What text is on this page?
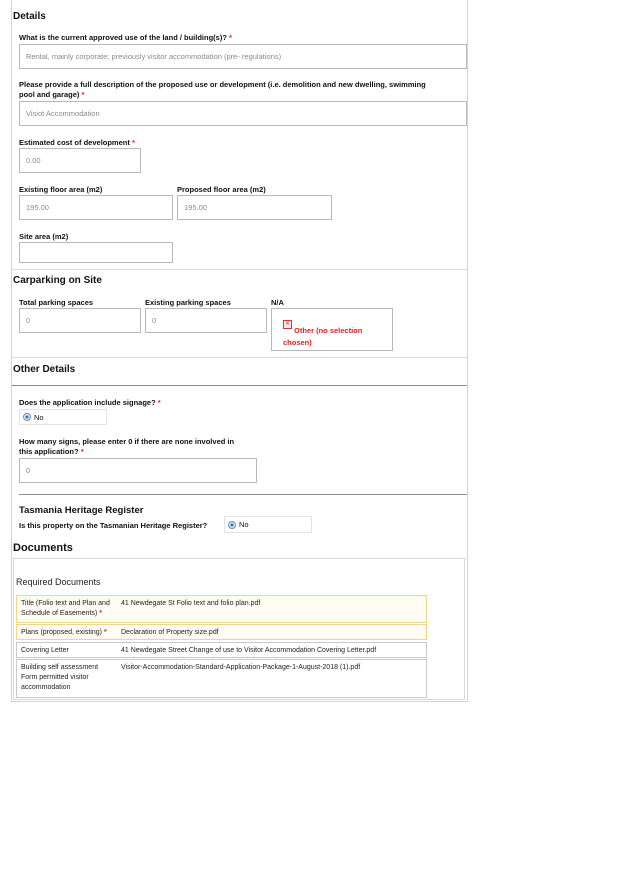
Details
What is the current approved use of the land / building(s)? *
Rental, mainly corporate; previously visitor accommodation (pre- regulations)
Please provide a full description of the proposed use or development (i.e. demolition and new dwelling, swimming
pool and garage) *
Visiot Accommodation
Estimated cost of development *
0.00
Existing floor area (m2)
195.00
Proposed floor area (m2)
195.00
Site area (m2)
Carparking on Site
Total parking spaces
0
Existing parking spaces
0
N/A
✕Other (no selection
chosen)
Other Details
Does the application include signage? *
No
How many signs, please enter 0 if there are none involved in
this application? *
0
Tasmania Heritage Register
Is this property on the Tasmanian Heritage Register?	No
Documents
Required Documents
Title (Folio text and Plan and
Schedule of Easements) *
41 Newdegate St Folio text and folio plan.pdf
Plans (proposed, existing) *	Declaration of Property size.pdf
Covering Letter	41 Newdegate Street Change of use to Visitor Accommodation Covering Letter.pdf
Building self assessment
Form permitted visitor
accommodation
Visitor-Accommodation-Standard-Application-Package-1-August-2018 (1).pdf
